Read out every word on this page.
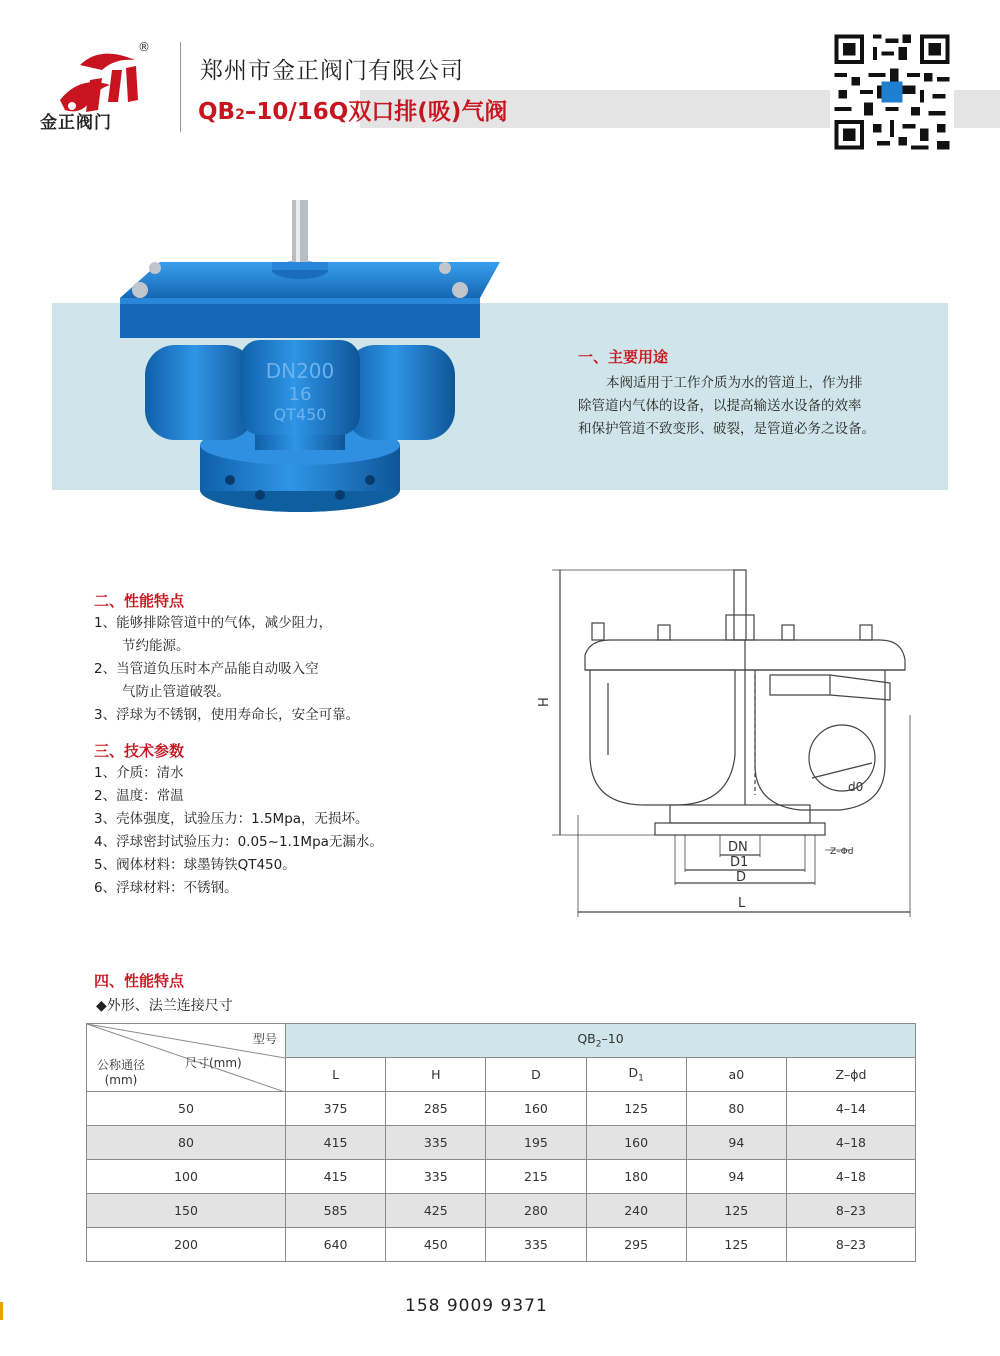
金正阀门
®
郑州市金正阀门有限公司
QB2–10/16Q双口排(吸)气阀
DN200
16
QT450
一、主要用途
本阀适用于工作介质为水的管道上，作为排
除管道内气体的设备，以提高输送水设备的效率
和保护管道不致变形、破裂，是管道必务之设备。
二、性能特点
1、能够排除管道中的气体，减少阻力，
节约能源。
2、当管道负压时本产品能自动吸入空
气防止管道破裂。
3、浮球为不锈钢，使用寿命长，安全可靠。
三、技术参数
1、介质：清水
2、温度：常温
3、壳体强度，试验压力：1.5Mpa，无损坏。
4、浮球密封试验压力：0.05~1.1Mpa无漏水。
5、阀体材料：球墨铸铁QT450。
6、浮球材料：不锈钢。
H
DN
D1
D
L
d0
Z–Φd
四、性能特点
◆外形、法兰连接尺寸
型号
尺寸(mm)
公称通径
(mm)	$QB_2-10$					
	L	H	D	$D_1$	a0	Z–ϕd
50	375	285	160	125	80	4–14
80	415	335	195	160	94	4–18
100	415	335	215	180	94	4–18
150	585	425	280	240	125	8–23
200	640	450	335	295	125	8–23
158 9009 9371
